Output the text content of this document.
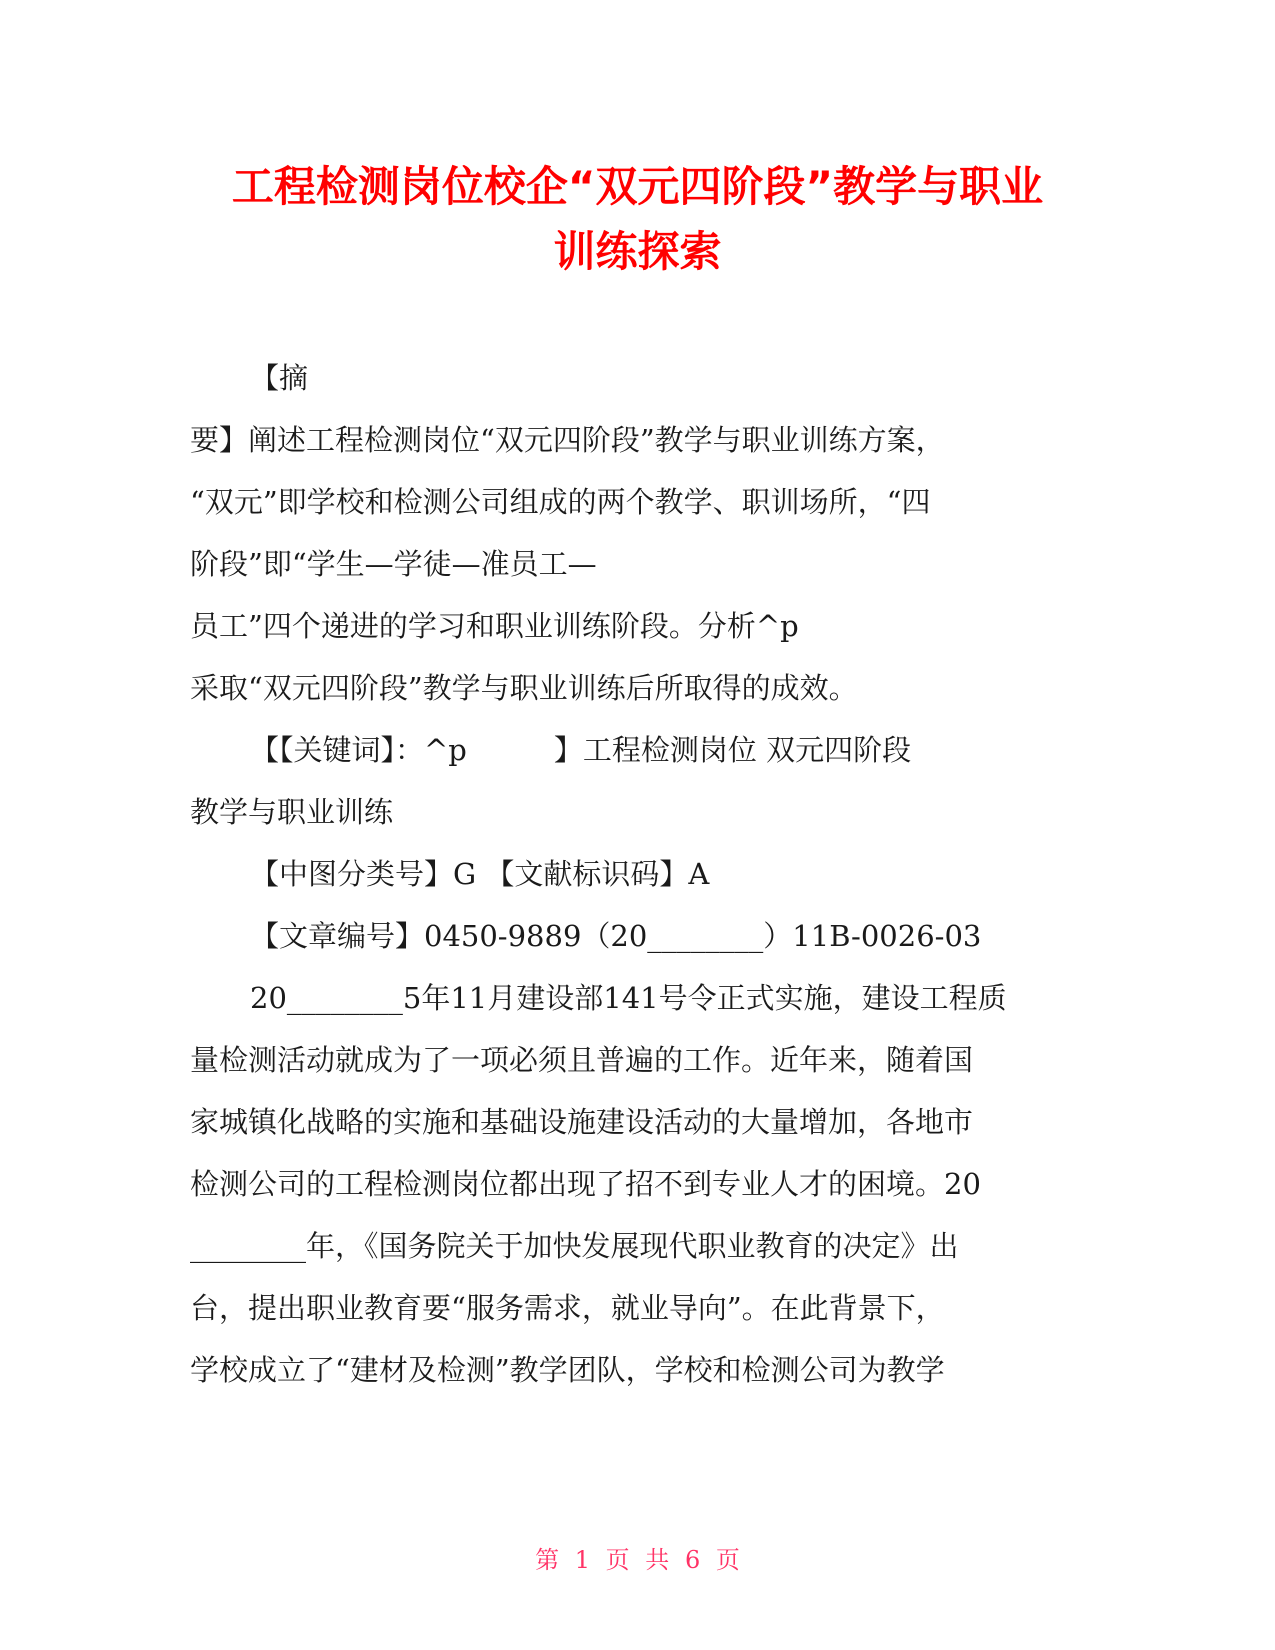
工程检测岗位校企“双元四阶段”教学与职业
训练探索
【摘
要】阐述工程检测岗位“双元四阶段”教学与职业训练方案，
“双元”即学校和检测公司组成的两个教学、职训场所，“四
阶段”即“学生—学徒—准员工—
员工”四个递进的学习和职业训练阶段。分析^p
采取“双元四阶段”教学与职业训练后所取得的成效。
【【关键词】：^p　　　】工程检测岗位 双元四阶段
教学与职业训练
【中图分类号】G 【文献标识码】A
【文章编号】0450-9889（20________）11B-0026-03
20________5年11月建设部141号令正式实施，建设工程质
量检测活动就成为了一项必须且普遍的工作。近年来，随着国
家城镇化战略的实施和基础设施建设活动的大量增加，各地市
检测公司的工程检测岗位都出现了招不到专业人才的困境。20
________年，《国务院关于加快发展现代职业教育的决定》出
台，提出职业教育要“服务需求，就业导向”。在此背景下，
学校成立了“建材及检测”教学团队，学校和检测公司为教学
第 1 页 共 6 页
